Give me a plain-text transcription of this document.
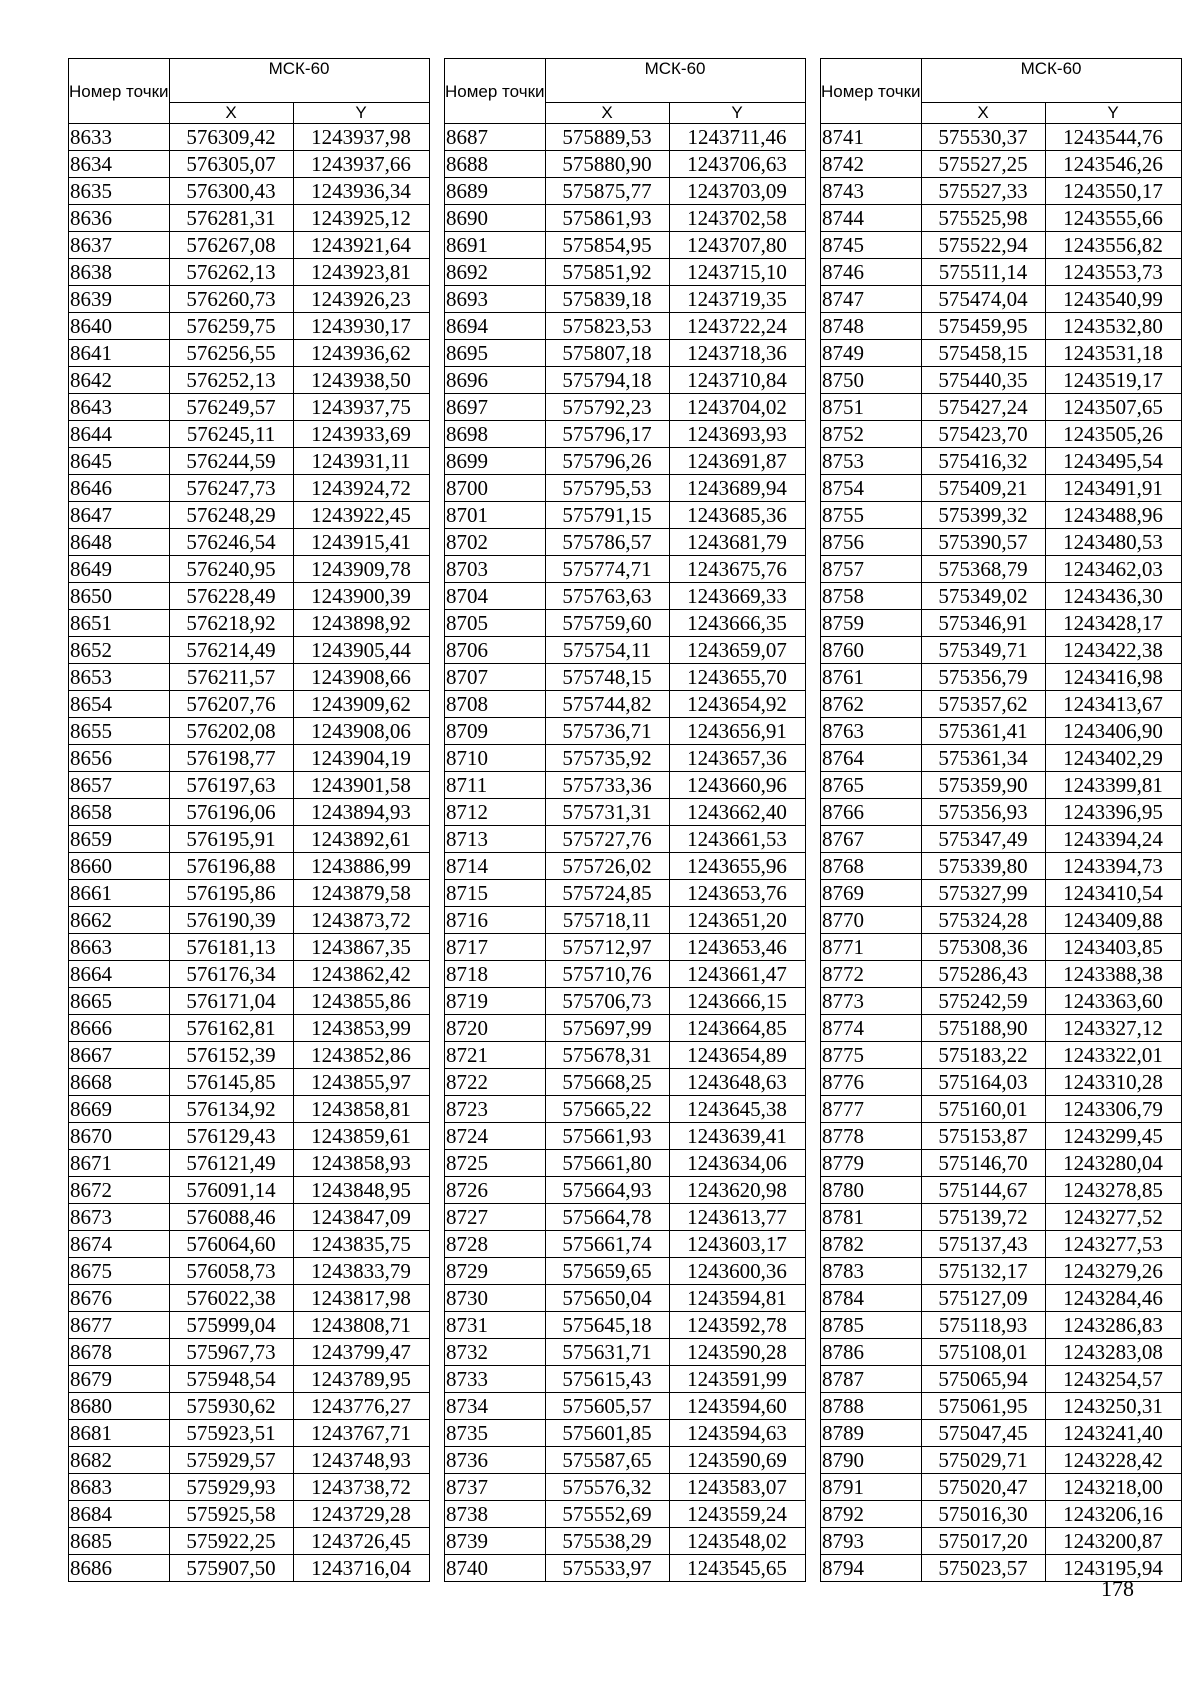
Номер точки	МСК-60	
	X	Y
8633	576309,42	1243937,98
8634	576305,07	1243937,66
8635	576300,43	1243936,34
8636	576281,31	1243925,12
8637	576267,08	1243921,64
8638	576262,13	1243923,81
8639	576260,73	1243926,23
8640	576259,75	1243930,17
8641	576256,55	1243936,62
8642	576252,13	1243938,50
8643	576249,57	1243937,75
8644	576245,11	1243933,69
8645	576244,59	1243931,11
8646	576247,73	1243924,72
8647	576248,29	1243922,45
8648	576246,54	1243915,41
8649	576240,95	1243909,78
8650	576228,49	1243900,39
8651	576218,92	1243898,92
8652	576214,49	1243905,44
8653	576211,57	1243908,66
8654	576207,76	1243909,62
8655	576202,08	1243908,06
8656	576198,77	1243904,19
8657	576197,63	1243901,58
8658	576196,06	1243894,93
8659	576195,91	1243892,61
8660	576196,88	1243886,99
8661	576195,86	1243879,58
8662	576190,39	1243873,72
8663	576181,13	1243867,35
8664	576176,34	1243862,42
8665	576171,04	1243855,86
8666	576162,81	1243853,99
8667	576152,39	1243852,86
8668	576145,85	1243855,97
8669	576134,92	1243858,81
8670	576129,43	1243859,61
8671	576121,49	1243858,93
8672	576091,14	1243848,95
8673	576088,46	1243847,09
8674	576064,60	1243835,75
8675	576058,73	1243833,79
8676	576022,38	1243817,98
8677	575999,04	1243808,71
8678	575967,73	1243799,47
8679	575948,54	1243789,95
8680	575930,62	1243776,27
8681	575923,51	1243767,71
8682	575929,57	1243748,93
8683	575929,93	1243738,72
8684	575925,58	1243729,28
8685	575922,25	1243726,45
8686	575907,50	1243716,04
Номер точки	МСК-60	
	X	Y
8687	575889,53	1243711,46
8688	575880,90	1243706,63
8689	575875,77	1243703,09
8690	575861,93	1243702,58
8691	575854,95	1243707,80
8692	575851,92	1243715,10
8693	575839,18	1243719,35
8694	575823,53	1243722,24
8695	575807,18	1243718,36
8696	575794,18	1243710,84
8697	575792,23	1243704,02
8698	575796,17	1243693,93
8699	575796,26	1243691,87
8700	575795,53	1243689,94
8701	575791,15	1243685,36
8702	575786,57	1243681,79
8703	575774,71	1243675,76
8704	575763,63	1243669,33
8705	575759,60	1243666,35
8706	575754,11	1243659,07
8707	575748,15	1243655,70
8708	575744,82	1243654,92
8709	575736,71	1243656,91
8710	575735,92	1243657,36
8711	575733,36	1243660,96
8712	575731,31	1243662,40
8713	575727,76	1243661,53
8714	575726,02	1243655,96
8715	575724,85	1243653,76
8716	575718,11	1243651,20
8717	575712,97	1243653,46
8718	575710,76	1243661,47
8719	575706,73	1243666,15
8720	575697,99	1243664,85
8721	575678,31	1243654,89
8722	575668,25	1243648,63
8723	575665,22	1243645,38
8724	575661,93	1243639,41
8725	575661,80	1243634,06
8726	575664,93	1243620,98
8727	575664,78	1243613,77
8728	575661,74	1243603,17
8729	575659,65	1243600,36
8730	575650,04	1243594,81
8731	575645,18	1243592,78
8732	575631,71	1243590,28
8733	575615,43	1243591,99
8734	575605,57	1243594,60
8735	575601,85	1243594,63
8736	575587,65	1243590,69
8737	575576,32	1243583,07
8738	575552,69	1243559,24
8739	575538,29	1243548,02
8740	575533,97	1243545,65
Номер точки	МСК-60	
	X	Y
8741	575530,37	1243544,76
8742	575527,25	1243546,26
8743	575527,33	1243550,17
8744	575525,98	1243555,66
8745	575522,94	1243556,82
8746	575511,14	1243553,73
8747	575474,04	1243540,99
8748	575459,95	1243532,80
8749	575458,15	1243531,18
8750	575440,35	1243519,17
8751	575427,24	1243507,65
8752	575423,70	1243505,26
8753	575416,32	1243495,54
8754	575409,21	1243491,91
8755	575399,32	1243488,96
8756	575390,57	1243480,53
8757	575368,79	1243462,03
8758	575349,02	1243436,30
8759	575346,91	1243428,17
8760	575349,71	1243422,38
8761	575356,79	1243416,98
8762	575357,62	1243413,67
8763	575361,41	1243406,90
8764	575361,34	1243402,29
8765	575359,90	1243399,81
8766	575356,93	1243396,95
8767	575347,49	1243394,24
8768	575339,80	1243394,73
8769	575327,99	1243410,54
8770	575324,28	1243409,88
8771	575308,36	1243403,85
8772	575286,43	1243388,38
8773	575242,59	1243363,60
8774	575188,90	1243327,12
8775	575183,22	1243322,01
8776	575164,03	1243310,28
8777	575160,01	1243306,79
8778	575153,87	1243299,45
8779	575146,70	1243280,04
8780	575144,67	1243278,85
8781	575139,72	1243277,52
8782	575137,43	1243277,53
8783	575132,17	1243279,26
8784	575127,09	1243284,46
8785	575118,93	1243286,83
8786	575108,01	1243283,08
8787	575065,94	1243254,57
8788	575061,95	1243250,31
8789	575047,45	1243241,40
8790	575029,71	1243228,42
8791	575020,47	1243218,00
8792	575016,30	1243206,16
8793	575017,20	1243200,87
8794	575023,57	1243195,94
178
